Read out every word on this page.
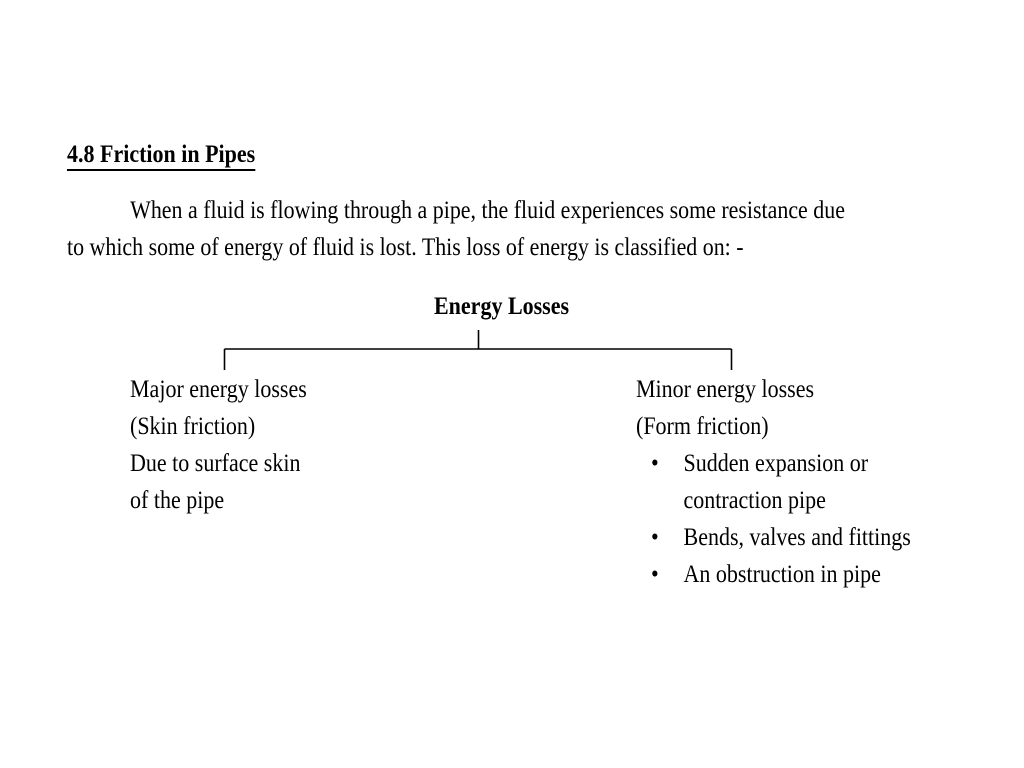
4.8 Friction in Pipes
When a fluid is flowing through a pipe, the fluid experiences some resistance due
to which some of energy of fluid is lost. This loss of energy is classified on: -
Energy Losses
Major energy losses
(Skin friction)
Due to surface skin
of the pipe
Minor energy losses
(Form friction)
• Sudden expansion or
contraction pipe
• Bends, valves and fittings
• An obstruction in pipe
